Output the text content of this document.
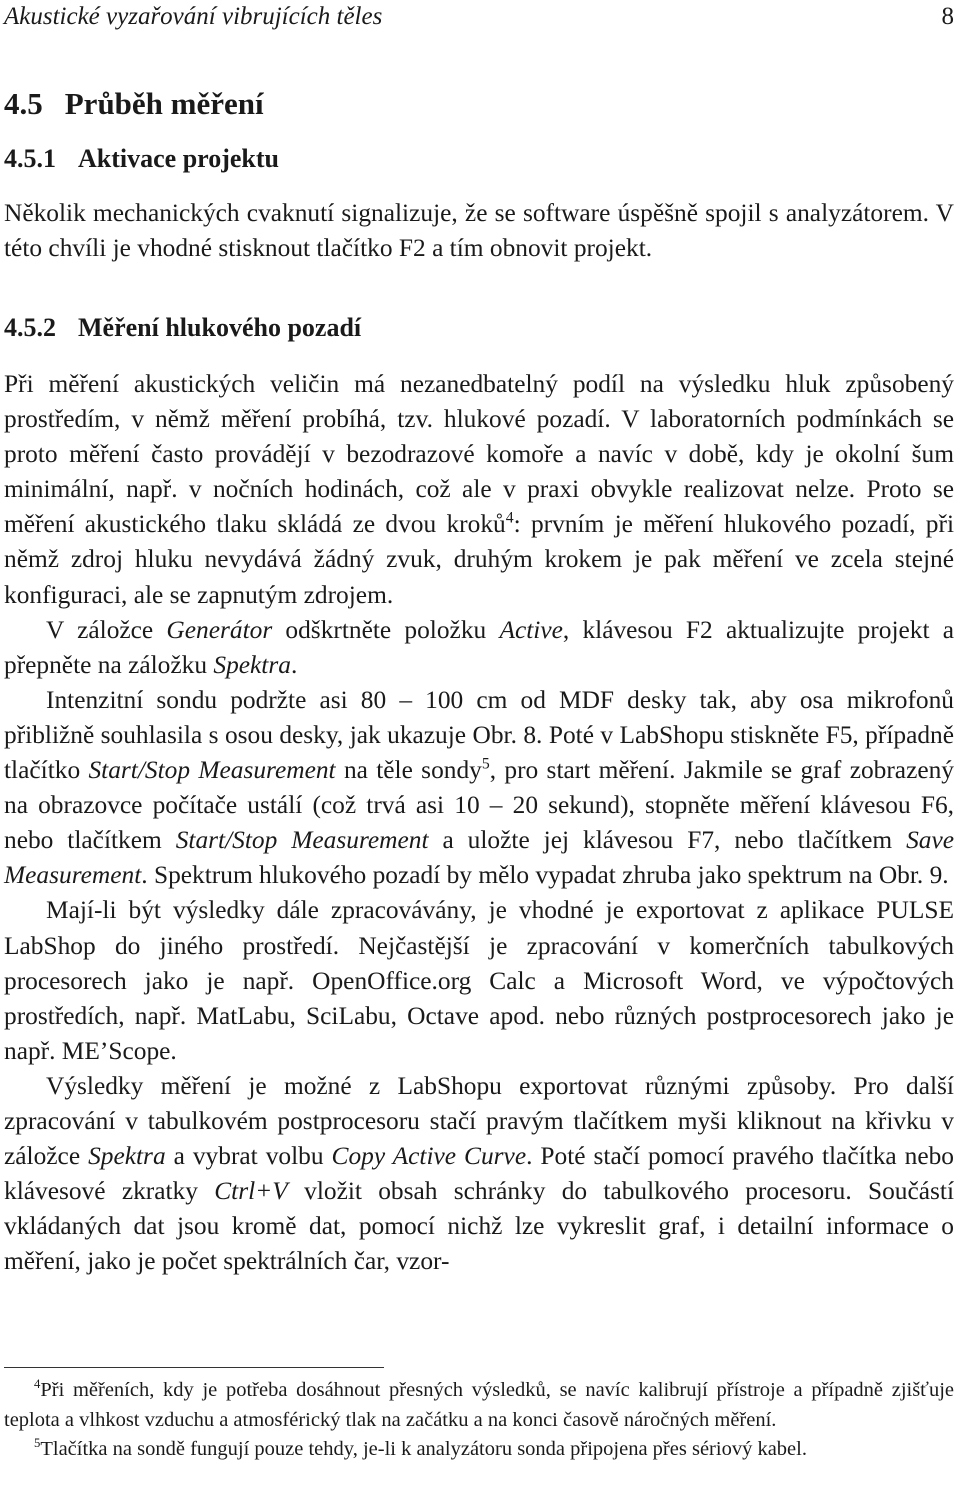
Akustické vyzařování vibrujících těles	8
4.5 Průběh měření
4.5.1 Aktivace projektu

Několik mechanických cvaknutí signalizuje, že se software úspěšně spojil s analyzátorem. V této chvíli je vhodné stisknout tlačítko F2 a tím obnovit projekt.

4.5.2 Měření hlukového pozadí

Při měření akustických veličin má nezanedbatelný podíl na výsledku hluk způsobený prostředím, v němž měření probíhá, tzv. hlukové pozadí. V laboratorních podmínkách se proto měření často provádějí v bezodrazové komoře a navíc v době, kdy je okolní šum minimální, např. v nočních hodinách, což ale v praxi obvykle realizovat nelze. Proto se měření akustického tlaku skládá ze dvou kroků$^4$: prvním je měření hlukového pozadí, při němž zdroj hluku nevydává žádný zvuk, druhým krokem je pak měření ve zcela stejné konfiguraci, ale se zapnutým zdrojem.

V záložce Generátor odškrtněte položku Active, klávesou F2 aktualizujte projekt a přepněte na záložku Spektra.

Intenzitní sondu podržte asi 80 – 100 cm od MDF desky tak, aby osa mikrofonů přibližně souhlasila s osou desky, jak ukazuje Obr. 8. Poté v LabShopu stiskněte F5, případně tlačítko Start/Stop Measurement na těle sondy$^5$, pro start měření. Jakmile se graf zobrazený na obrazovce počítače ustálí (což trvá asi 10 – 20 sekund), stopněte měření klávesou F6, nebo tlačítkem Start/Stop Measurement a uložte jej klávesou F7, nebo tlačítkem Save Measurement. Spektrum hlukového pozadí by mělo vypadat zhruba jako spektrum na Obr. 9.

Mají-li být výsledky dále zpracovávány, je vhodné je exportovat z aplikace PULSE LabShop do jiného prostředí. Nejčastější je zpracování v komerčních tabulkových procesorech jako je např. OpenOffice.org Calc a Microsoft Word, ve výpočtových prostředích, např. MatLabu, SciLabu, Octave apod. nebo různých postprocesorech jako je např. ME’Scope.

Výsledky měření je možné z LabShopu exportovat různými způsoby. Pro další zpracování v tabulkovém postprocesoru stačí pravým tlačítkem myši kliknout na křivku v záložce Spektra a vybrat volbu Copy Active Curve. Poté stačí pomocí pravého tlačítka nebo klávesové zkratky Ctrl+V vložit obsah schránky do tabulkového procesoru. Součástí vkládaných dat jsou kromě dat, pomocí nichž lze vykreslit graf, i detailní informace o měření, jako je počet spektrálních čar, vzor-

$^4$Při měřeních, kdy je potřeba dosáhnout přesných výsledků, se navíc kalibrují přístroje a případně zjišťuje teplota a vlhkost vzduchu a atmosférický tlak na začátku a na konci časově náročných měření.

$^5$Tlačítka na sondě fungují pouze tehdy, je-li k analyzátoru sonda připojena přes sériový kabel.
